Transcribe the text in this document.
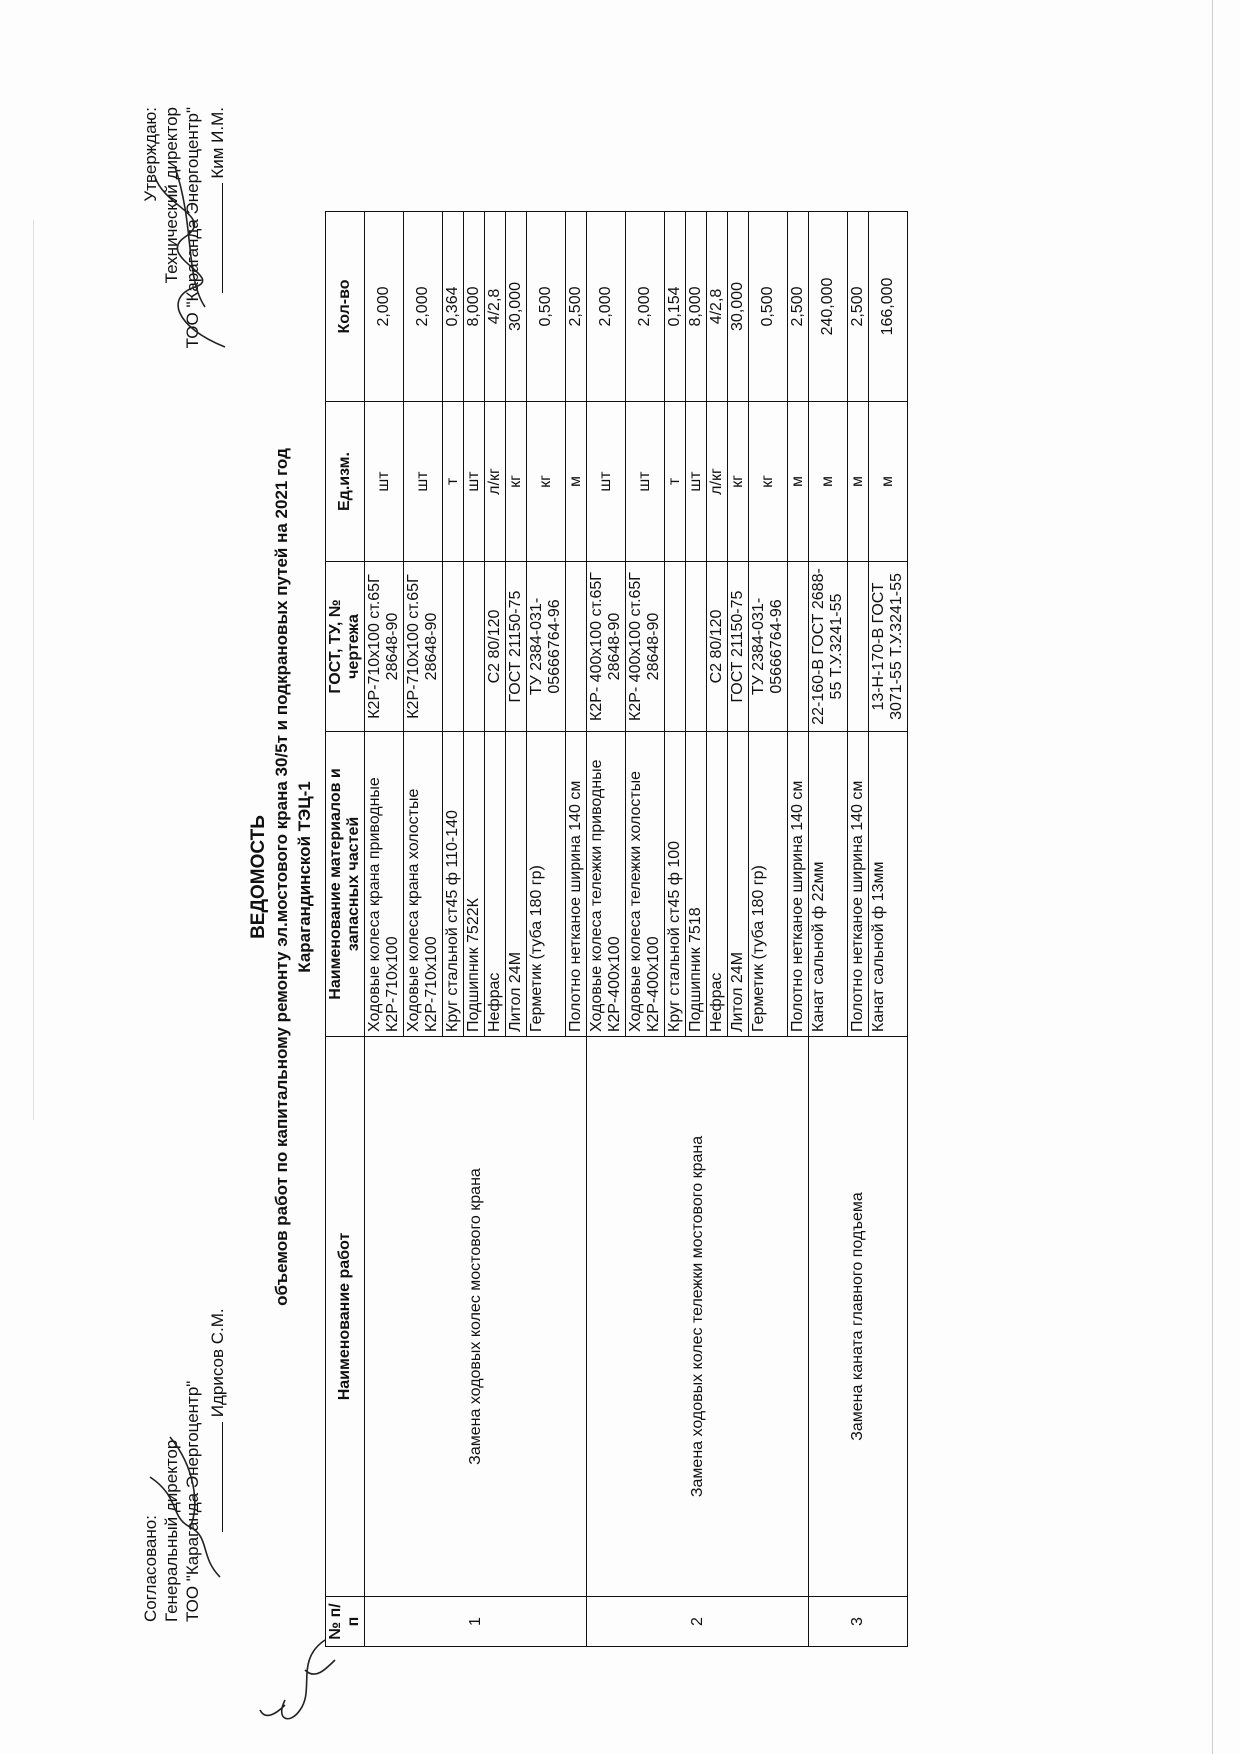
Согласовано: Генеральный директор ТОО "Караганда Энергоцентр"
Идрисов С.М.
Утверждаю: Технический директор ТОО "Караганда Энергоцентр" Ким И.М.
ВЕДОМОСТЬ объемов работ по капитальному ремонту эл.мостового крана 30/5т и подкрановых путей на 2021 год Карагандинской ТЭЦ-1
№ п/п	Наименование работ	Наименование материалов и запасных частей	ГОСТ, ТУ, № чертежа	Ед.изм.	Кол-во
1	Замена ходовых колес мостового крана	Ходовые колеса крана приводные К2Р-710х100	К2Р-710х100 ст.65Г 28648-90	шт	2,000
		Ходовые колеса крана холостые К2Р-710х100	К2Р-710х100 ст.65Г 28648-90	шт	2,000
		Круг стальной ст45 ф 110-140		т	0,364
		Подшипник 7522К		шт	8,000
		Нефрас	С2 80/120	л/кг	4/2,8
		Литол 24М	ГОСТ 21150-75	кг	30,000
		Герметик (туба 180 гр)	ТУ 2384-031-05666764-96	кг	0,500
		Полотно нетканое ширина 140 см		м	2,500
2	Замена ходовых колес тележки мостового крана	Ходовые колеса тележки приводные К2Р-400х100	К2Р- 400х100 ст.65Г 28648-90	шт	2,000
		Ходовые колеса тележки холостые К2Р-400х100	К2Р- 400х100 ст.65Г 28648-90	шт	2,000
		Круг стальной ст45 ф 100		т	0,154
		Подшипник 7518		шт	8,000
		Нефрас	С2 80/120	л/кг	4/2,8
		Литол 24М	ГОСТ 21150-75	кг	30,000
		Герметик (туба 180 гр)	ТУ 2384-031-05666764-96	кг	0,500
		Полотно нетканое ширина 140 см		м	2,500
3	Замена каната главного подъема	Канат сальной ф 22мм	22-160-В ГОСТ 2688-55 Т.У.3241-55	м	240,000
		Полотно нетканое ширина 140 см		м	2,500
		Канат сальной ф 13мм	13-Н-170-В ГОСТ 3071-55 Т.У.3241-55	м	166,000
